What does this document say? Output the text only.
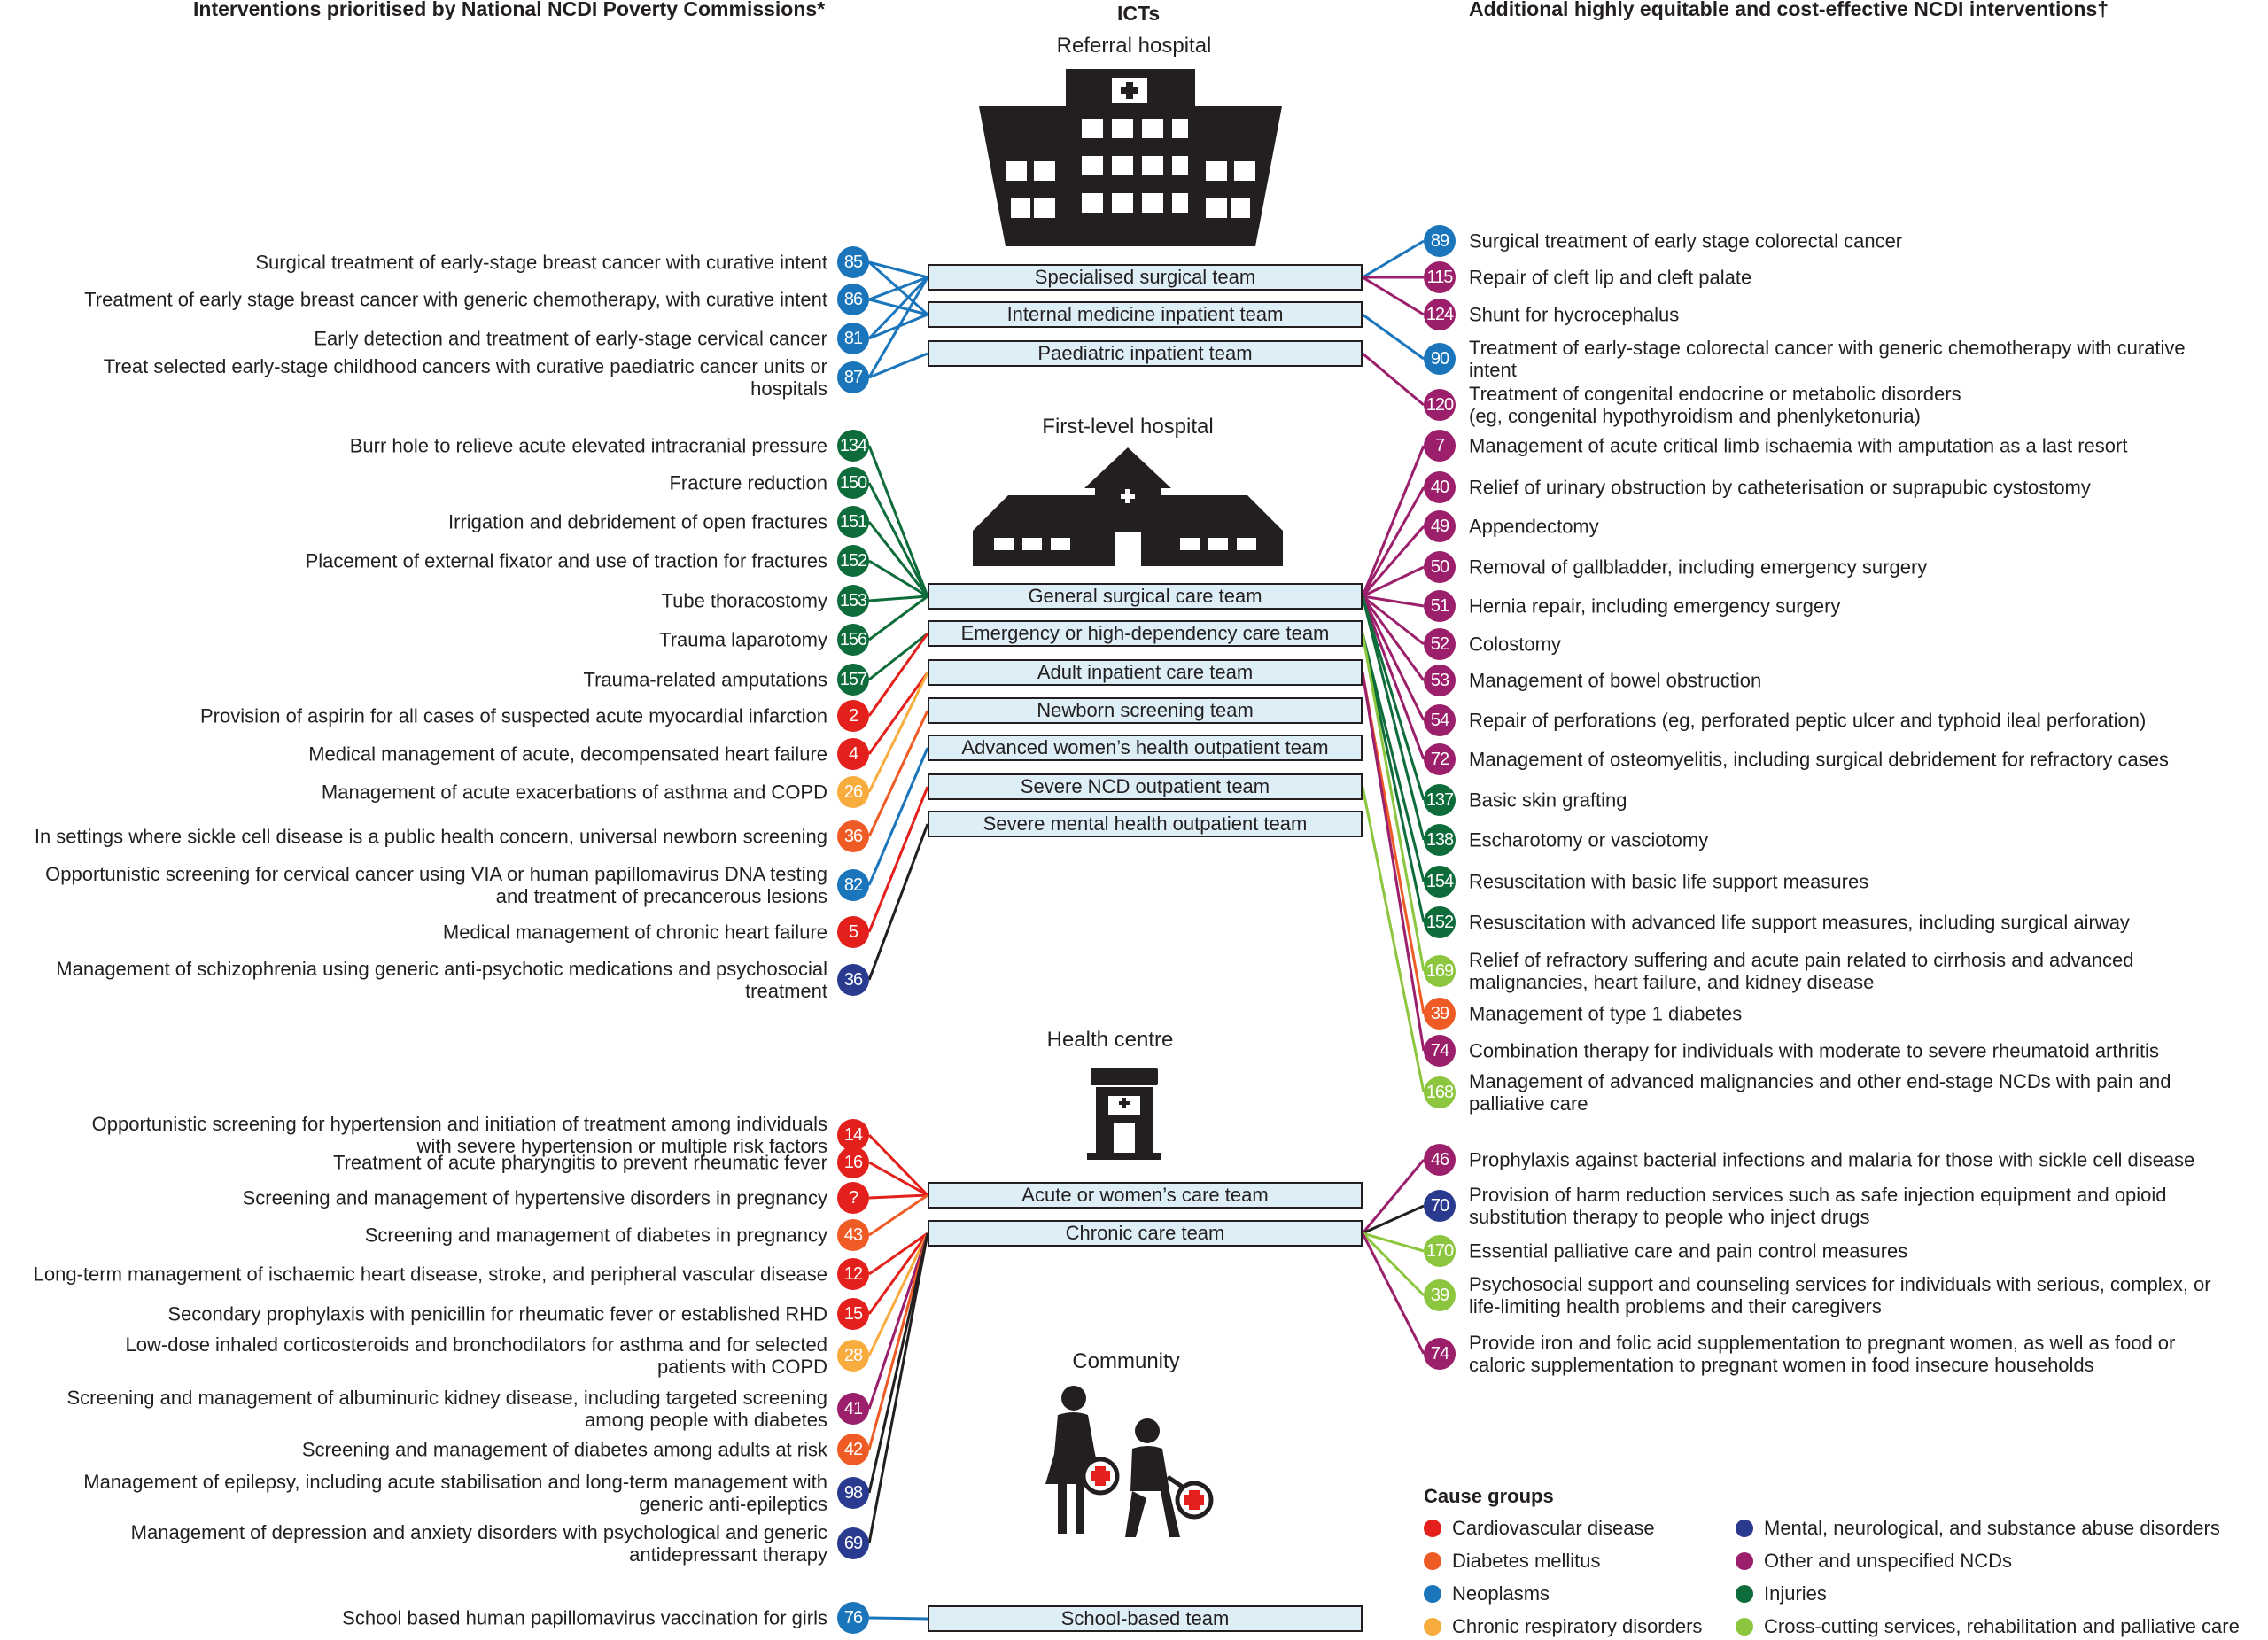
Interventions prioritised by National NCDI Poverty Commissions*	ICTs	Additional highly equitable and cost-effective NCDI interventions†
Referral hospital
First-level hospital
Health centre
Community
Specialised surgical team
Internal medicine inpatient team
Paediatric inpatient team
General surgical care team
Emergency or high-dependency care team
Adult inpatient care team
Newborn screening team
Advanced women’s health outpatient team
Severe NCD outpatient team
Severe mental health outpatient team
Acute or women’s care team
Chronic care team
School-based team
Surgical treatment of early-stage breast cancer with curative intent 85
Treatment of early stage breast cancer with generic chemotherapy, with curative intent 86
Early detection and treatment of early-stage cervical cancer 81
Treat selected early-stage childhood cancers with curative paediatric cancer units or
hospitals 87
Burr hole to relieve acute elevated intracranial pressure 134
Fracture reduction 150
Irrigation and debridement of open fractures 151
Placement of external fixator and use of traction for fractures 152
Tube thoracostomy 153
Trauma laparotomy 156
Trauma-related amputations 157
Provision of aspirin for all cases of suspected acute myocardial infarction	2
Medical management of acute, decompensated heart failure	4
Management of acute exacerbations of asthma and COPD 26
In settings where sickle cell disease is a public health concern, universal newborn screening 36
Opportunistic screening for cervical cancer using VIA or human papillomavirus DNA testing
and treatment of precancerous lesions 82
Medical management of chronic heart failure	5
Management of schizophrenia using generic anti-psychotic medications and psychosocial
treatment 36
Opportunistic screening for hypertension and initiation of treatment among individuals
with severe hypertension or multiple risk factors 14
Treatment of acute pharyngitis to prevent rheumatic fever 16
Screening and management of hypertensive disorders in pregnancy	?
Screening and management of diabetes in pregnancy 43
Long-term management of ischaemic heart disease, stroke, and peripheral vascular disease 12
Secondary prophylaxis with penicillin for rheumatic fever or established RHD 15
Low-dose inhaled corticosteroids and bronchodilators for asthma and for selected
patients with COPD 28
Screening and management of albuminuric kidney disease, including targeted screening
among people with diabetes 41
Screening and management of diabetes among adults at risk 42
Management of epilepsy, including acute stabilisation and long-term management with
generic anti-epileptics 98
Management of depression and anxiety disorders with psychological and generic
antidepressant therapy 69
School based human papillomavirus vaccination for girls 76
Surgical treatment of early stage colorectal cancer
89
Repair of cleft lip and cleft palate
115
Shunt for hycrocephalus
124
Treatment of early-stage colorectal cancer with generic chemotherapy with curative
intent
90
Treatment of congenital endocrine or metabolic disorders
(eg, congenital hypothyroidism and phenlyketonuria)
120
Management of acute critical limb ischaemia with amputation as a last resort
7
Relief of urinary obstruction by catheterisation or suprapubic cystostomy
40
Appendectomy
49
Removal of gallbladder, including emergency surgery
50
Hernia repair, including emergency surgery
51
Colostomy
52
Management of bowel obstruction
53
Repair of perforations (eg, perforated peptic ulcer and typhoid ileal perforation)
54
Management of osteomyelitis, including surgical debridement for refractory cases
72
Basic skin grafting
137
Escharotomy or vasciotomy
138
Resuscitation with basic life support measures
154
Resuscitation with advanced life support measures, including surgical airway
152
Relief of refractory suffering and acute pain related to cirrhosis and advanced
malignancies, heart failure, and kidney disease
169
Management of type 1 diabetes
39
Combination therapy for individuals with moderate to severe rheumatoid arthritis
74
Management of advanced malignancies and other end-stage NCDs with pain and
palliative care
168
Prophylaxis against bacterial infections and malaria for those with sickle cell disease
46
Provision of harm reduction services such as safe injection equipment and opioid
substitution therapy to people who inject drugs
70
Essential palliative care and pain control measures
170
Psychosocial support and counseling services for individuals with serious, complex, or
life-limiting health problems and their caregivers
39
Provide iron and folic acid supplementation to pregnant women, as well as food or
caloric supplementation to pregnant women in food insecure households
74
Cause groups
Cardiovascular disease
Diabetes mellitus
Neoplasms
Chronic respiratory disorders
Mental, neurological, and substance abuse disorders
Other and unspecified NCDs
Injuries
Cross-cutting services, rehabilitation and palliative care
